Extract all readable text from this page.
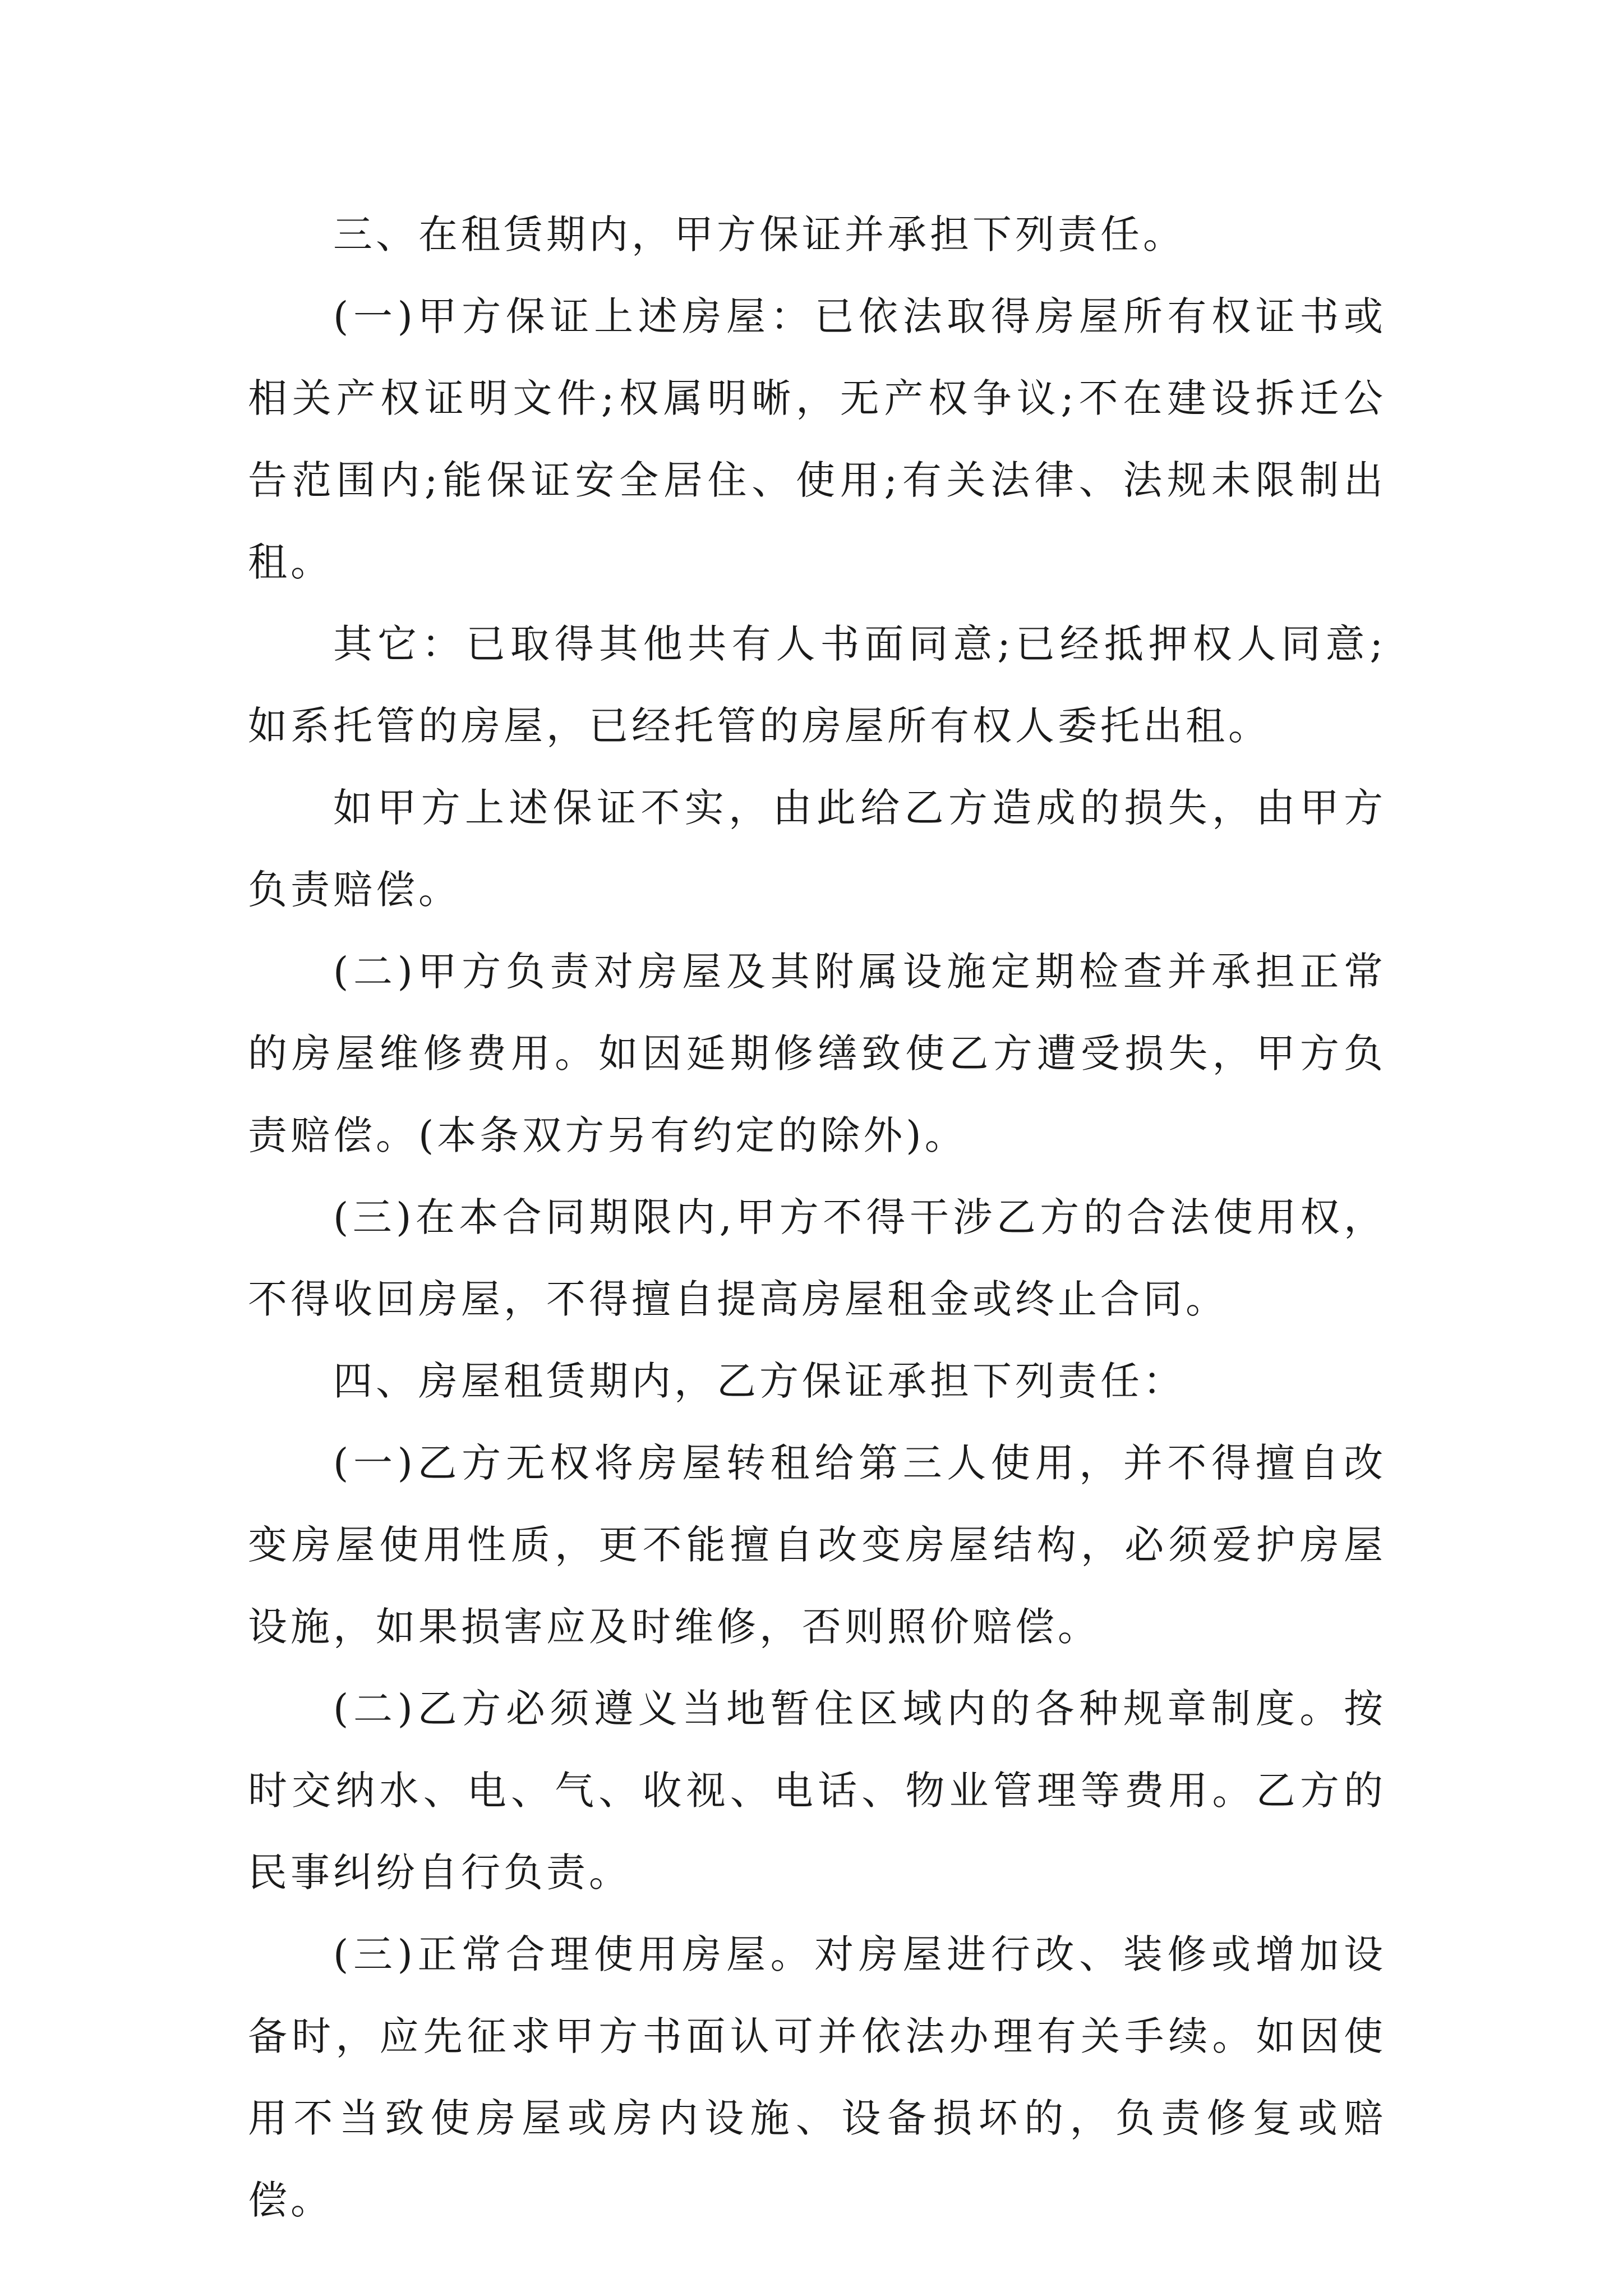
三、在租赁期内，甲方保证并承担下列责任。

(一)甲方保证上述房屋：已依法取得房屋所有权证书或相关产权证明文件;权属明晰，无产权争议;不在建设拆迁公告范围内;能保证安全居住、使用;有关法律、法规未限制出租。

其它：已取得其他共有人书面同意;已经抵押权人同意;如系托管的房屋，已经托管的房屋所有权人委托出租。

如甲方上述保证不实，由此给乙方造成的损失，由甲方负责赔偿。

(二)甲方负责对房屋及其附属设施定期检查并承担正常的房屋维修费用。如因延期修缮致使乙方遭受损失，甲方负责赔偿。(本条双方另有约定的除外)。

(三)在本合同期限内,甲方不得干涉乙方的合法使用权，不得收回房屋，不得擅自提高房屋租金或终止合同。

四、房屋租赁期内，乙方保证承担下列责任：

(一)乙方无权将房屋转租给第三人使用，并不得擅自改变房屋使用性质，更不能擅自改变房屋结构，必须爱护房屋设施，如果损害应及时维修，否则照价赔偿。

(二)乙方必须遵义当地暂住区域内的各种规章制度。按时交纳水、电、气、收视、电话、物业管理等费用。乙方的民事纠纷自行负责。

(三)正常合理使用房屋。对房屋进行改、装修或增加设备时，应先征求甲方书面认可并依法办理有关手续。如因使用不当致使房屋或房内设施、设备损坏的，负责修复或赔偿。
